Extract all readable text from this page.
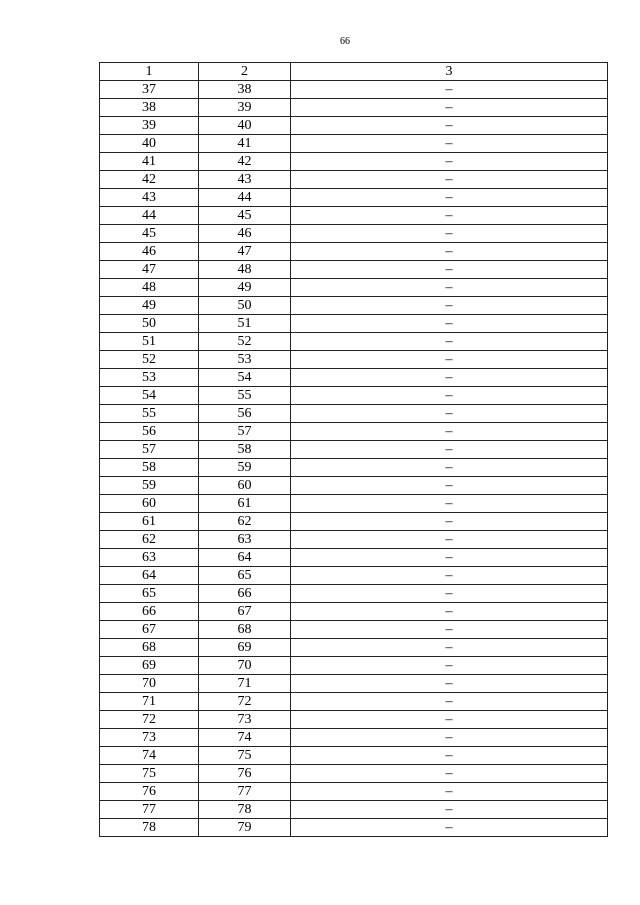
66
1	2	3
37	38	–
38	39	–
39	40	–
40	41	–
41	42	–
42	43	–
43	44	–
44	45	–
45	46	–
46	47	–
47	48	–
48	49	–
49	50	–
50	51	–
51	52	–
52	53	–
53	54	–
54	55	–
55	56	–
56	57	–
57	58	–
58	59	–
59	60	–
60	61	–
61	62	–
62	63	–
63	64	–
64	65	–
65	66	–
66	67	–
67	68	–
68	69	–
69	70	–
70	71	–
71	72	–
72	73	–
73	74	–
74	75	–
75	76	–
76	77	–
77	78	–
78	79	–
